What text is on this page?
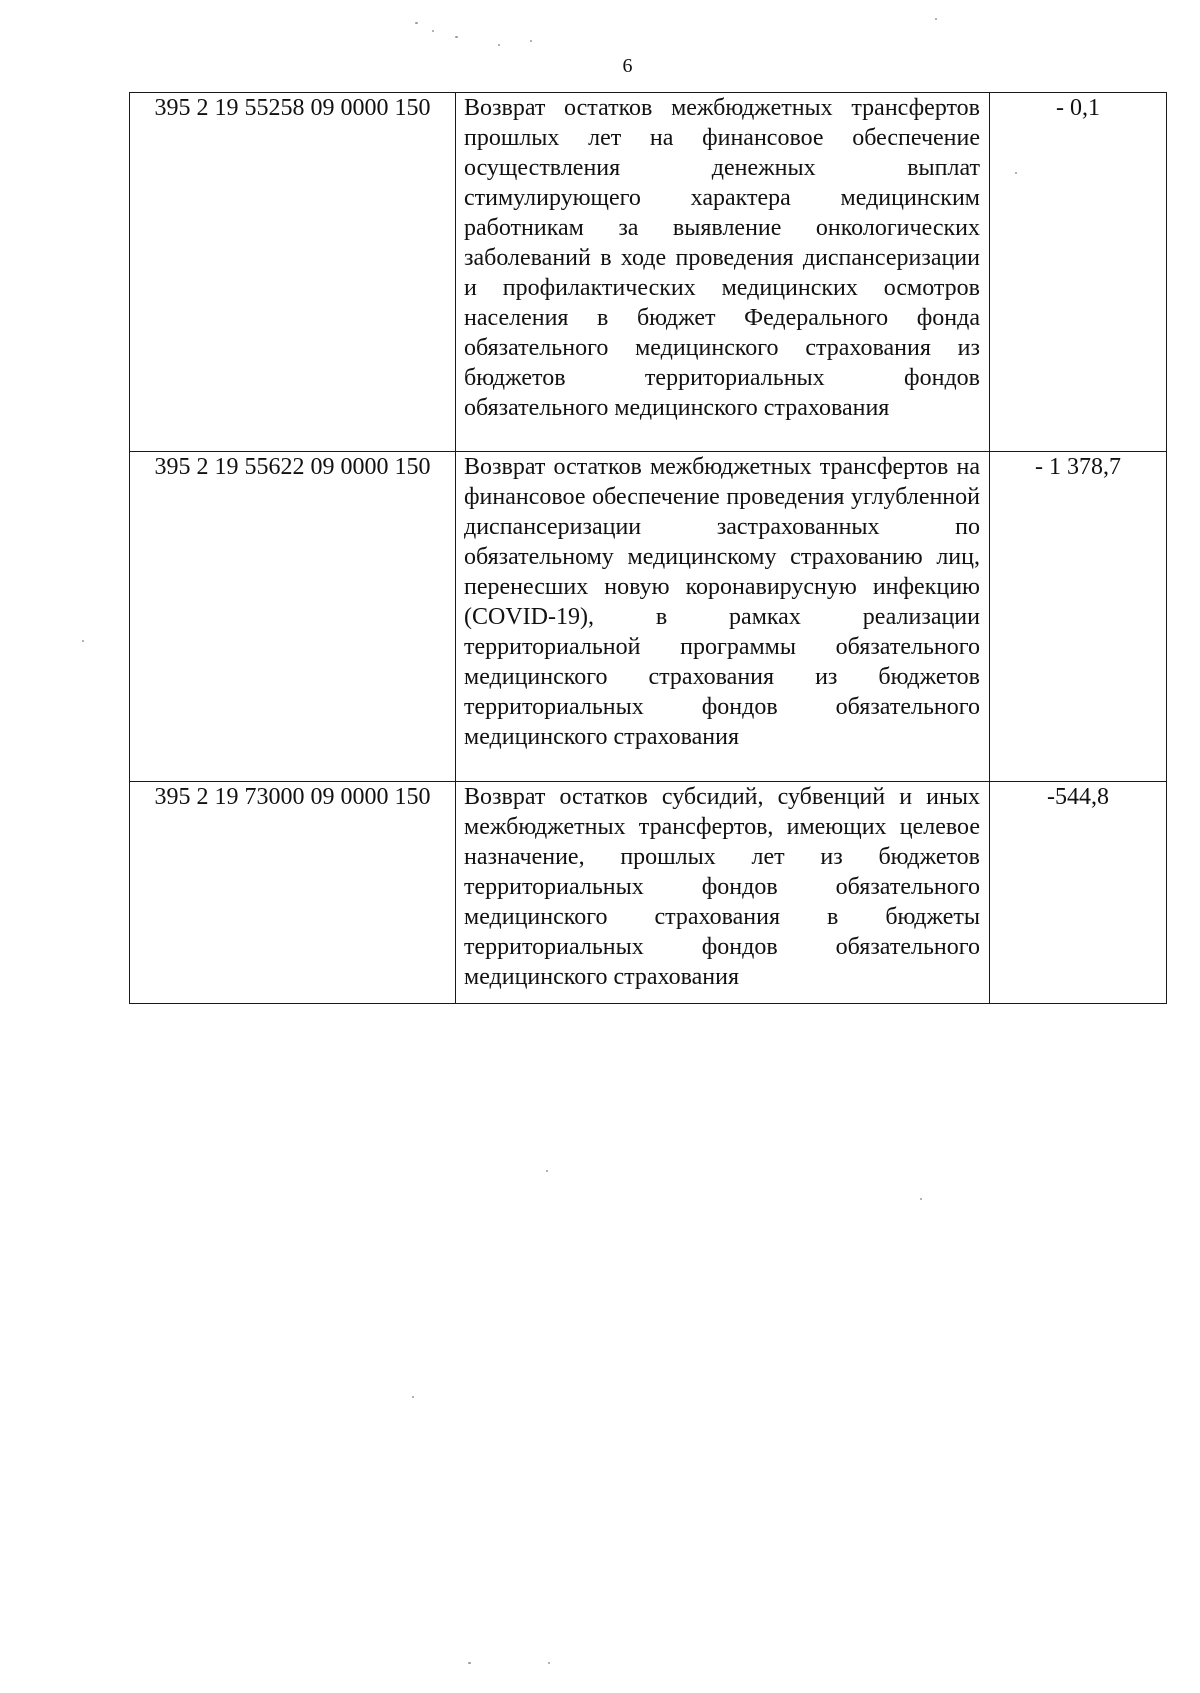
6
395 2 19 55258 09 0000 150	Возврат остатков межбюджетных трансфертов прошлых лет на финансовое обеспечение осуществления денежных выплат стимулирующего характера медицинским работникам за выявление онкологических заболеваний в ходе проведения диспансеризации и профилактических медицинских осмотров населения в бюджет Федерального фонда обязательного медицинского страхования из бюджетов территориальных фондов обязательного медицинского страхования	- 0,1
395 2 19 55622 09 0000 150	Возврат остатков межбюджетных трансфертов на финансовое обеспечение проведения углубленной диспансеризации застрахованных по обязательному медицинскому страхованию лиц, перенесших новую коронавирусную инфекцию (COVID-19), в рамках реализации территориальной программы обязательного медицинского страхования из бюджетов территориальных фондов обязательного медицинского страхования	- 1 378,7
395 2 19 73000 09 0000 150	Возврат остатков субсидий, субвенций и иных межбюджетных трансфертов, имеющих целевое назначение, прошлых лет из бюджетов территориальных фондов обязательного медицинского страхования в бюджеты территориальных фондов обязательного медицинского страхования	-544,8
